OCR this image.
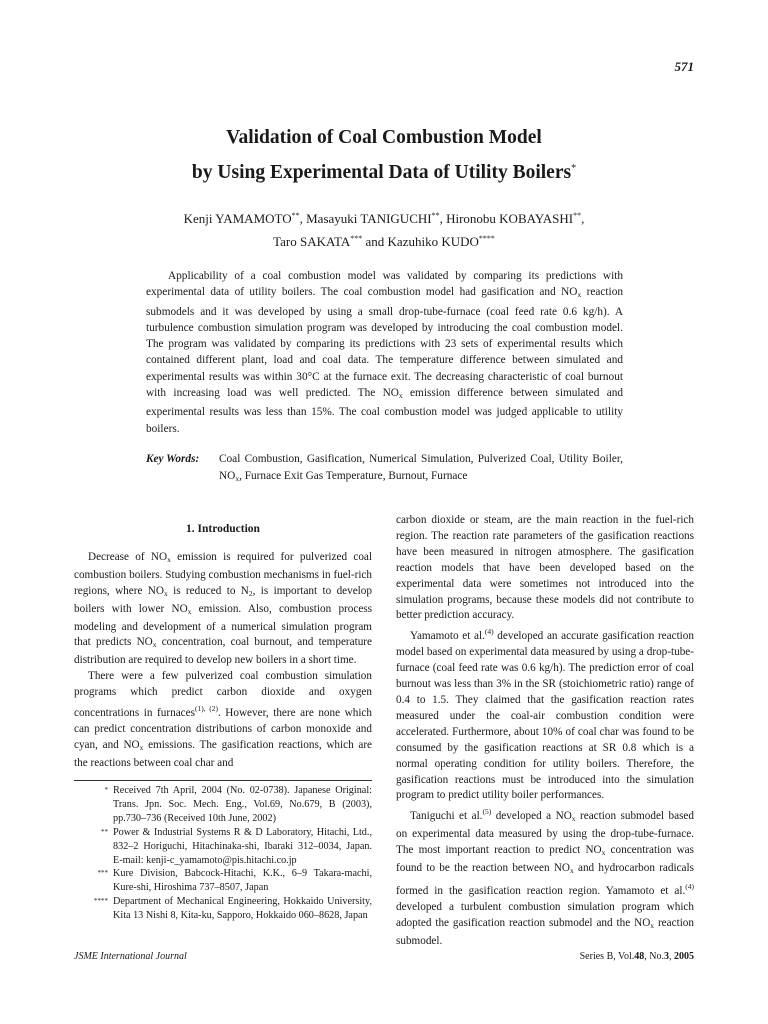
571
Validation of Coal Combustion Model
by Using Experimental Data of Utility Boilers*
Kenji YAMAMOTO**, Masayuki TANIGUCHI**, Hironobu KOBAYASHI**,
Taro SAKATA*** and Kazuhiko KUDO****

Applicability of a coal combustion model was validated by comparing its predictions with experimental data of utility boilers. The coal combustion model had gasification and $NO_x$ reaction submodels and it was developed by using a small drop-tube-furnace (coal feed rate 0.6 kg/h). A turbulence combustion simulation program was developed by introducing the coal combustion model. The program was validated by comparing its predictions with 23 sets of experimental results which contained different plant, load and coal data. The temperature difference between simulated and experimental results was within 30°C at the furnace exit. The decreasing characteristic of coal burnout with increasing load was well predicted. The $NO_x$ emission difference between simulated and experimental results was less than 15%. The coal combustion model was judged applicable to utility boilers.

Key Words: Coal Combustion, Gasification, Numerical Simulation, Pulverized Coal, Utility Boiler, $NO_x$, Furnace Exit Gas Temperature, Burnout, Furnace
1. Introduction

Decrease of $NO_x$ emission is required for pulverized coal combustion boilers. Studying combustion mechanisms in fuel-rich regions, where $NO_x$ is reduced to $N_2$, is important to develop boilers with lower $NO_x$ emission. Also, combustion process modeling and development of a numerical simulation program that predicts $NO_x$ concentration, coal burnout, and temperature distribution are required to develop new boilers in a short time.

There were a few pulverized coal combustion simulation programs which predict carbon dioxide and oxygen concentrations in furnaces$^{(1), (2)}$. However, there are none which can predict concentration distributions of carbon monoxide and cyan, and $NO_x$ emissions. The gasification reactions, which are the reactions between coal char and

* Received 7th April, 2004 (No. 02-0738). Japanese Original: Trans. Jpn. Soc. Mech. Eng., Vol.69, No.679, B (2003), pp.730–736 (Received 10th June, 2002)
** Power & Industrial Systems R & D Laboratory, Hitachi, Ltd., 832–2 Horiguchi, Hitachinaka-shi, Ibaraki 312–0034, Japan. E-mail: kenji-c_yamamoto@pis.hitachi.co.jp
*** Kure Division, Babcock-Hitachi, K.K., 6–9 Takara-machi, Kure-shi, Hiroshima 737–8507, Japan
**** Department of Mechanical Engineering, Hokkaido University, Kita 13 Nishi 8, Kita-ku, Sapporo, Hokkaido 060–8628, Japan

carbon dioxide or steam, are the main reaction in the fuel-rich region. The reaction rate parameters of the gasification reactions have been measured in nitrogen atmosphere. The gasification reaction models that have been developed based on the experimental data were sometimes not introduced into the simulation programs, because these models did not contribute to better prediction accuracy.

Yamamoto et al.$^{(4)}$ developed an accurate gasification reaction model based on experimental data measured by using a drop-tube-furnace (coal feed rate was 0.6 kg/h). The prediction error of coal burnout was less than 3% in the SR (stoichiometric ratio) range of 0.4 to 1.5. They claimed that the gasification reaction rates measured under the coal-air combustion condition were accelerated. Furthermore, about 10% of coal char was found to be consumed by the gasification reactions at SR 0.8 which is a normal operating condition for utility boilers. Therefore, the gasification reactions must be introduced into the simulation program to predict utility boiler performances.

Taniguchi et al.$^{(5)}$ developed a $NO_x$ reaction submodel based on experimental data measured by using the drop-tube-furnace. The most important reaction to predict $NO_x$ concentration was found to be the reaction between $NO_x$ and hydrocarbon radicals formed in the gasification reaction region. Yamamoto et al.$^{(4)}$ developed a turbulent combustion simulation program which adopted the gasification reaction submodel and the $NO_x$ reaction submodel.

JSME International Journal	Series B, Vol.48, No.3, 2005
